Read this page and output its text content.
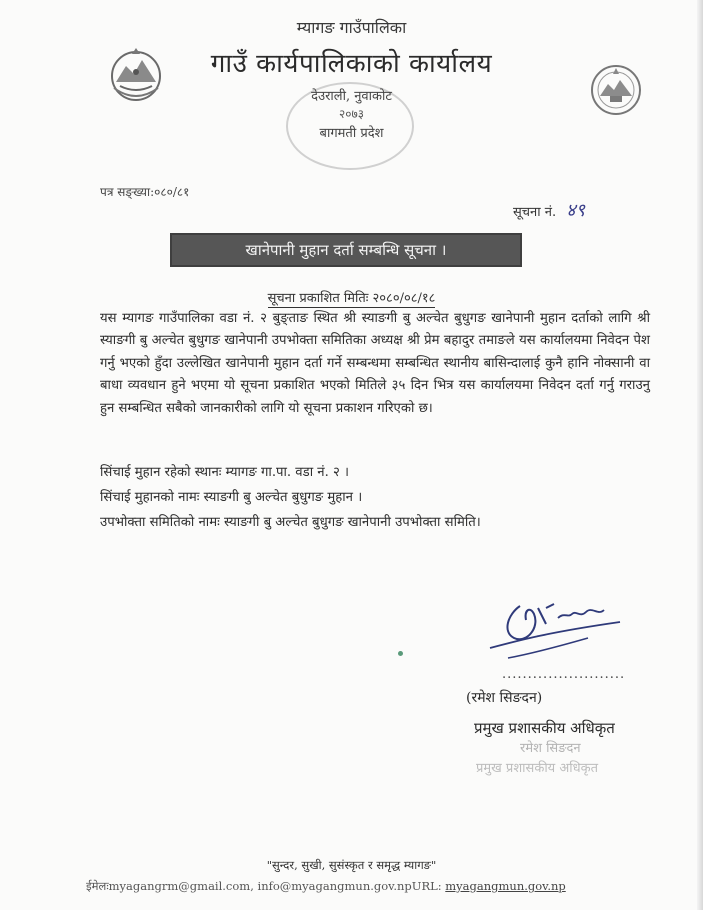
म्यागङ गाउँपालिका
गाउँ कार्यपालिकाको कार्यालय
देउराली, नुवाकोट
२०७३
बागमती प्रदेश
पत्र सङ्ख्या:०८०/८१
सूचना नं. ४९
खानेपानी मुहान दर्ता सम्बन्धि सूचना ।
सूचना प्रकाशित मितिः २०८०/०८/१८
यस म्यागङ गाउँपालिका वडा नं. २ बुङ्ताङ स्थित श्री स्याङगी बु अल्चेत बुधुगङ खानेपानी मुहान दर्ताको लागि श्री स्याङगी बु अल्चेत बुधुगङ खानेपानी उपभोक्ता समितिका अध्यक्ष श्री प्रेम बहादुर तमाङले यस कार्यालयमा निवेदन पेश गर्नु भएको हुँदा उल्लेखित खानेपानी मुहान दर्ता गर्ने सम्बन्धमा सम्बन्धित स्थानीय बासिन्दालाई कुनै हानि नोक्सानी वा बाधा व्यवधान हुने भएमा यो सूचना प्रकाशित भएको मितिले ३५ दिन भित्र यस कार्यालयमा निवेदन दर्ता गर्नु गराउनु हुन सम्बन्धित सबैको जानकारीको लागि यो सूचना प्रकाशन गरिएको छ।
सिंचाई मुहान रहेको स्थानः म्यागङ गा.पा. वडा नं. २ ।
सिंचाई मुहानको नामः स्याङगी बु अल्चेत बुधुगङ मुहान ।
उपभोक्ता समितिको नामः स्याङगी बु अल्चेत बुधुगङ खानेपानी उपभोक्ता समिति।
........................
(रमेश सिङदन)
प्रमुख प्रशासकीय अधिकृत
रमेश सिङदन
प्रमुख प्रशासकीय अधिकृत
"सुन्दर, सुखी, सुसंस्कृत र समृद्ध म्यागङ"
ईमेलःmyagangrm@gmail.com, info@myagangmun.gov.npURL: myagangmun.gov.np
